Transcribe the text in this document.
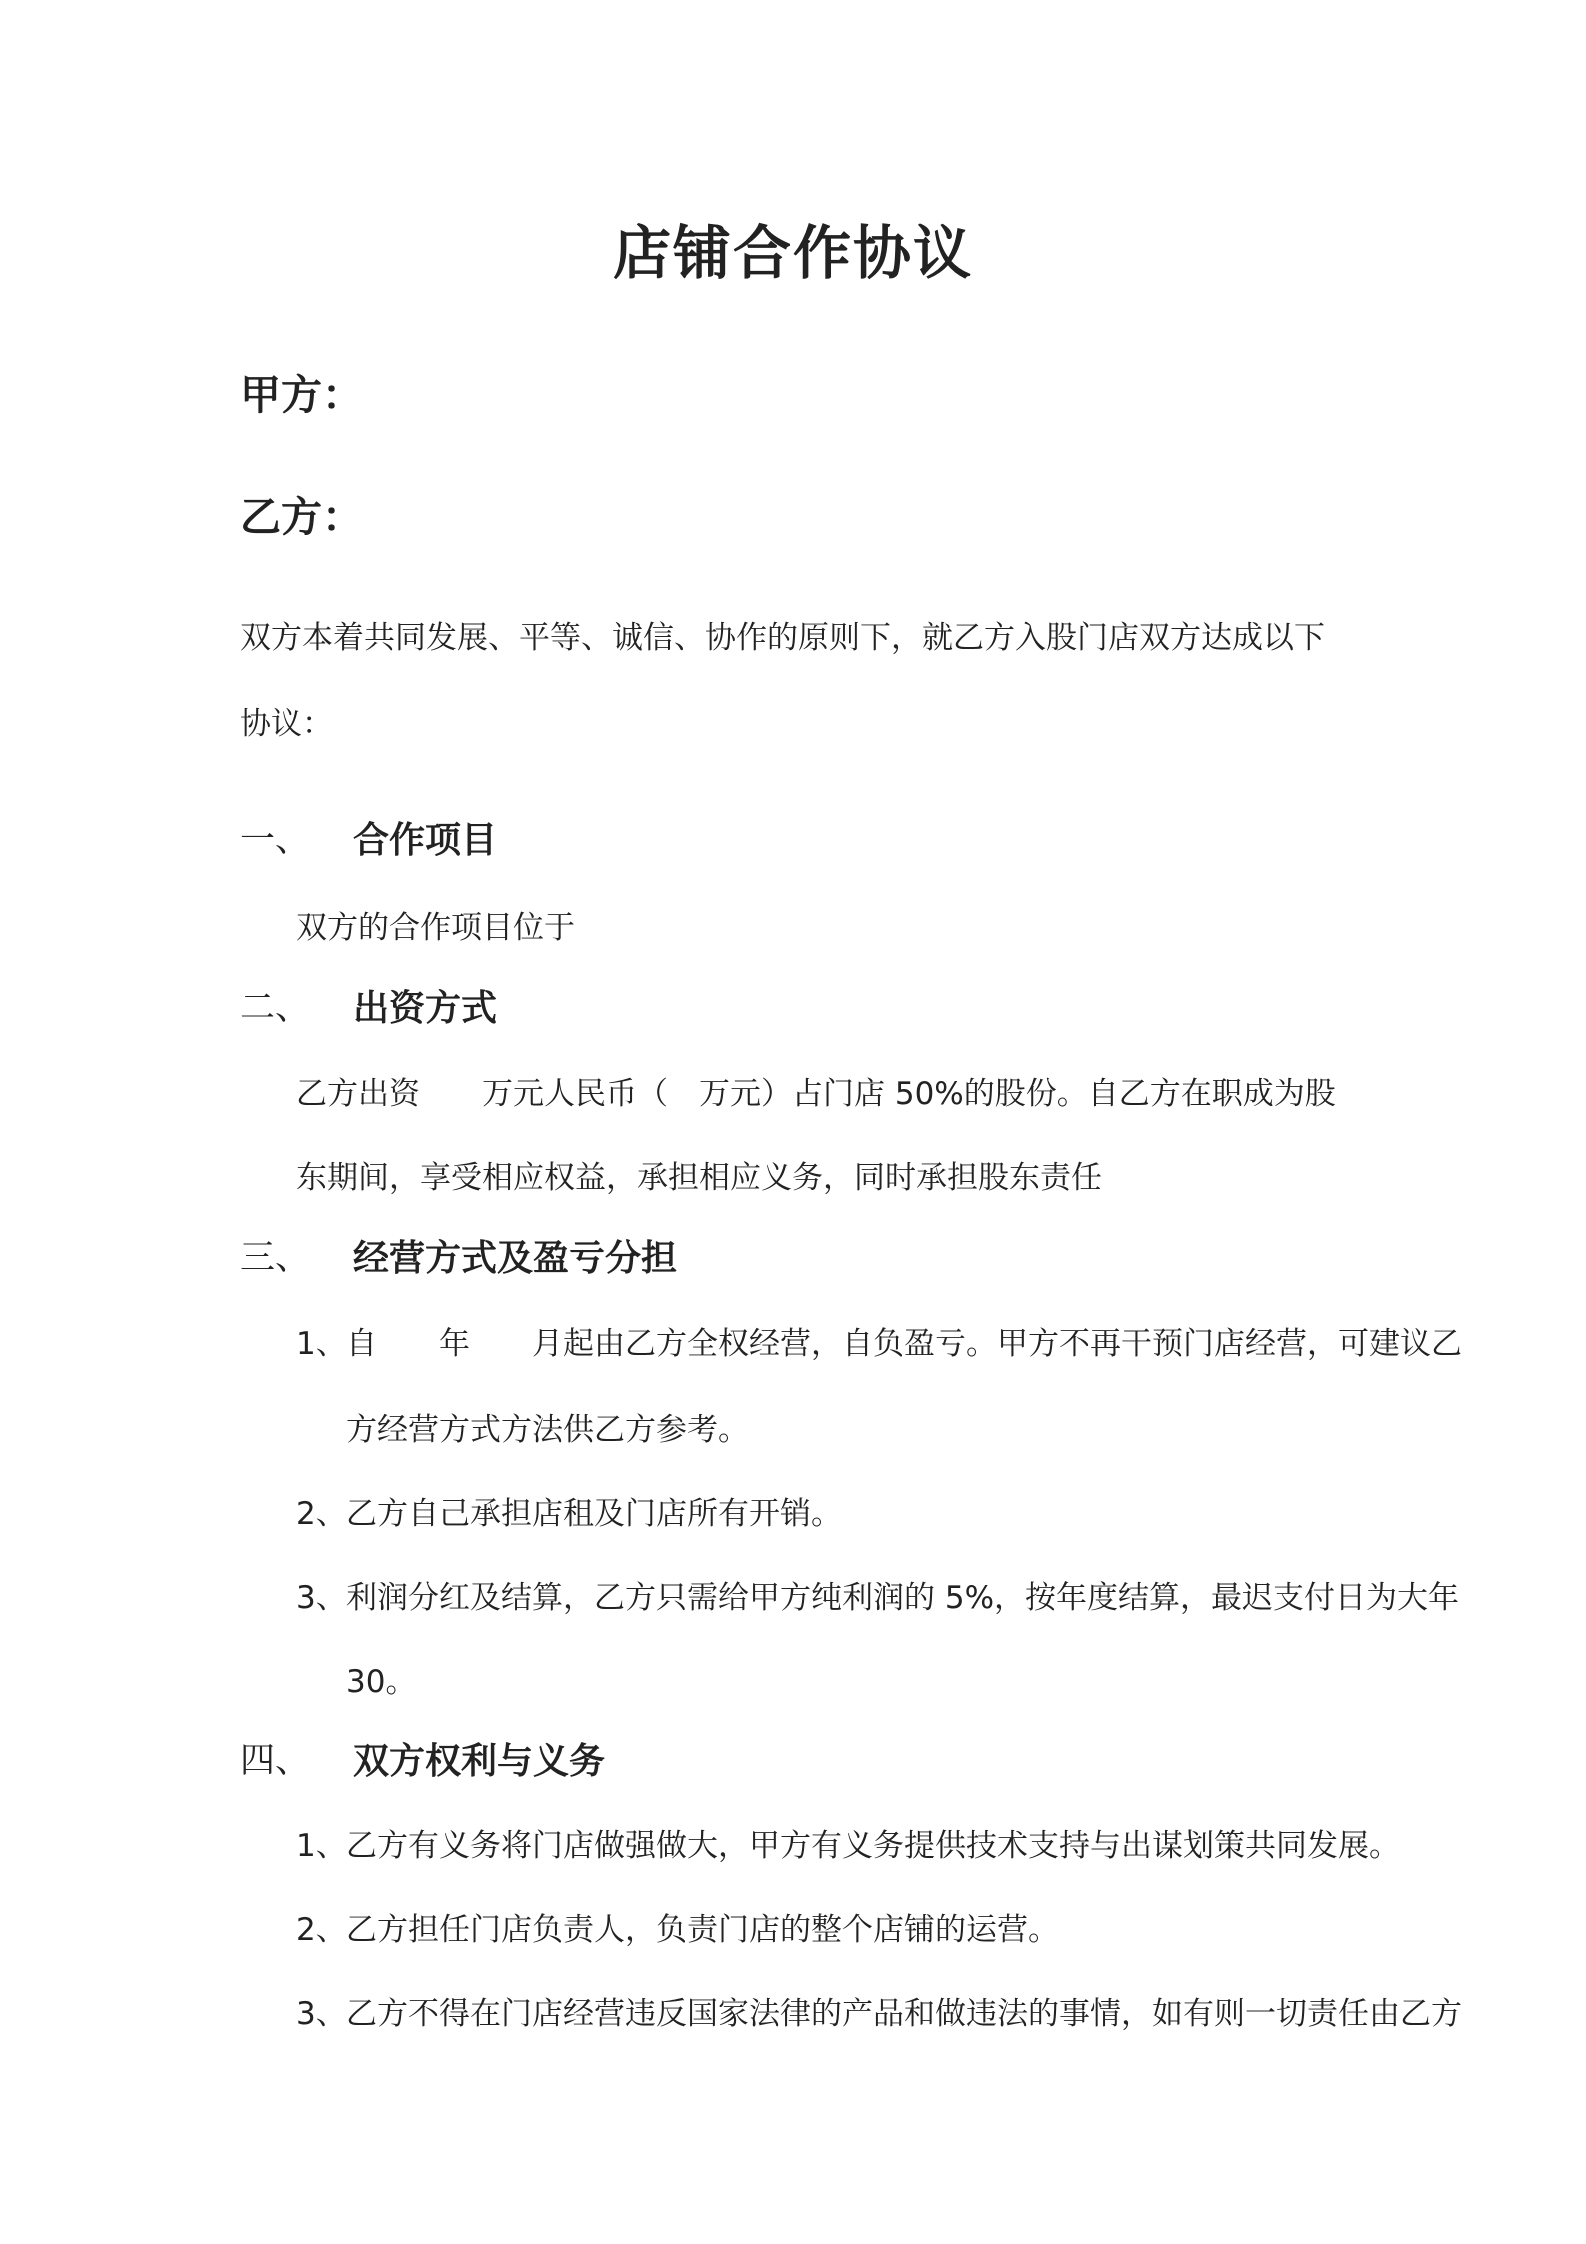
店铺合作协议
甲方：
乙方：
双方本着共同发展、平等、诚信、协作的原则下，就乙方入股门店双方达成以下
协议：
一、 合作项目
双方的合作项目位于
二、 出资方式
乙方出资　　万元人民币（　万元）占门店 50%的股份。自乙方在职成为股
东期间，享受相应权益，承担相应义务，同时承担股东责任
三、 经营方式及盈亏分担
1、 自　　年　　月起由乙方全权经营，自负盈亏。甲方不再干预门店经营，可建议乙
方经营方式方法供乙方参考。
2、 乙方自己承担店租及门店所有开销。
3、 利润分红及结算，乙方只需给甲方纯利润的 5%，按年度结算，最迟支付日为大年
30。
四、 双方权利与义务
1、 乙方有义务将门店做强做大，甲方有义务提供技术支持与出谋划策共同发展。
2、 乙方担任门店负责人，负责门店的整个店铺的运营。
3、 乙方不得在门店经营违反国家法律的产品和做违法的事情，如有则一切责任由乙方
